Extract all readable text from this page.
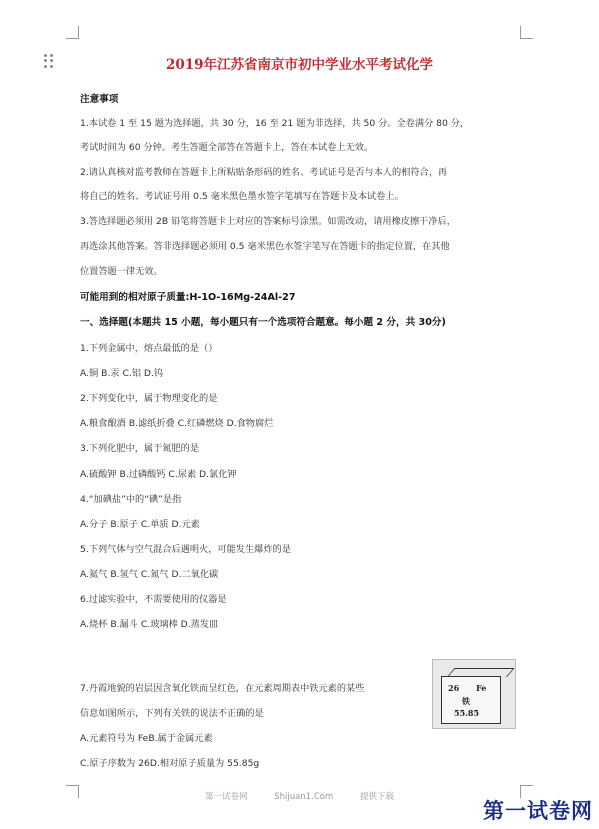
2019年江苏省南京市初中学业水平考试化学
注意事项
1.本试卷 1 至 15 题为选择题，共 30 分，16 至 21 题为非选择，共 50 分。全卷满分 80 分，
考试时间为 60 分钟。考生答题全部答在答题卡上，答在本试卷上无效。
2.请认真核对监考教师在答题卡上所粘贴条形码的姓名、考试证号是否与本人的相符合，再
将自己的姓名、考试证号用 0.5 毫米黑色墨水签字笔填写在答题卡及本试卷上。
3.答选择题必须用 2B 铅笔将答题卡上对应的答案标号涂黑。如需改动，请用橡皮擦干净后，
再选涂其他答案。答非选择题必须用 0.5 毫米黑色水签字笔写在答题卡的指定位置，在其他
位置答题一律无效。
可能用到的相对原子质量:H-1O-16Mg-24Al-27
一、选择题(本题共 15 小题，每小题只有一个选项符合题意。每小题 2 分，共 30分)
1.下列金属中，熔点最低的是（）
A.铜 B.汞 C.铝 D.钨
2.下列变化中，属于物理变化的是
A.粮食酿酒 B.滤纸折叠 C.红磷燃烧 D.食物腐烂
3.下列化肥中，属于氮肥的是
A.硫酸钾 B.过磷酸钙 C.尿素 D.氯化钾
4.“加碘盐”中的“碘”是指
A.分子 B.原子 C.单质 D.元素
5.下列气体与空气混合后遇明火，可能发生爆炸的是
A.氦气 B.氢气 C.氮气 D.二氧化碳
6.过滤实验中，不需要使用的仪器是
A.烧杯 B.漏斗 C.玻璃棒 D.蒸发皿
7.丹霞地貌的岩层因含氧化铁而呈红色，在元素周期表中铁元素的某些
信息如图所示，下列有关铁的说法不正确的是
A.元素符号为 FeB.属于金属元素
C.原子序数为 26D.相对原子质量为 55.85g
26 Fe
铁
55.85
第一试卷网	Shijuan1.Com	提供下载
第一试卷网
